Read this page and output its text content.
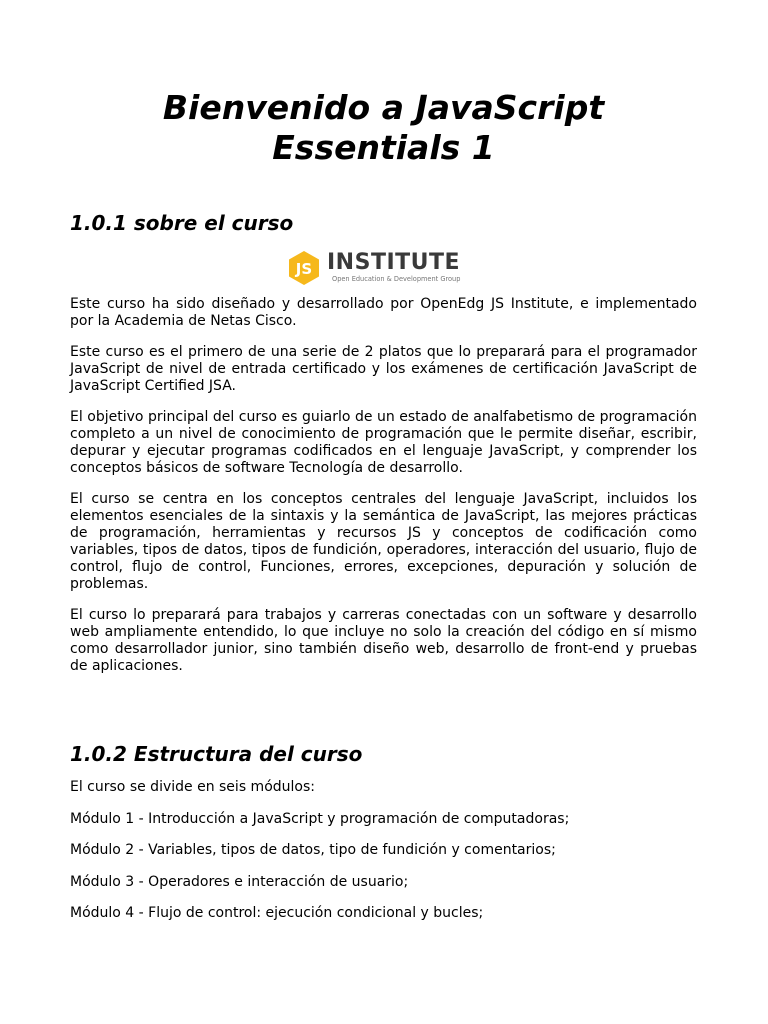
Bienvenido a JavaScript Essentials 1
1.0.1 sobre el curso
JS INSTITUTE
Open Education & Development Group

Este curso ha sido diseñado y desarrollado por OpenEdg JS Institute, e implementado por la Academia de Netas Cisco.

Este curso es el primero de una serie de 2 platos que lo preparará para el programador JavaScript de nivel de entrada certificado y los exámenes de certificación JavaScript de JavaScript Certified JSA.

El objetivo principal del curso es guiarlo de un estado de analfabetismo de programación completo a un nivel de conocimiento de programación que le permite diseñar, escribir, depurar y ejecutar programas codificados en el lenguaje JavaScript, y comprender los conceptos básicos de software Tecnología de desarrollo.

El curso se centra en los conceptos centrales del lenguaje JavaScript, incluidos los elementos esenciales de la sintaxis y la semántica de JavaScript, las mejores prácticas de programación, herramientas y recursos JS y conceptos de codificación como variables, tipos de datos, tipos de fundición, operadores, interacción del usuario, flujo de control, flujo de control, Funciones, errores, excepciones, depuración y solución de problemas.

El curso lo preparará para trabajos y carreras conectadas con un software y desarrollo web ampliamente entendido, lo que incluye no solo la creación del código en sí mismo como desarrollador junior, sino también diseño web, desarrollo de front-end y pruebas de aplicaciones.

1.0.2 Estructura del curso

El curso se divide en seis módulos:

Módulo 1 - Introducción a JavaScript y programación de computadoras;

Módulo 2 - Variables, tipos de datos, tipo de fundición y comentarios;

Módulo 3 - Operadores e interacción de usuario;

Módulo 4 - Flujo de control: ejecución condicional y bucles;
